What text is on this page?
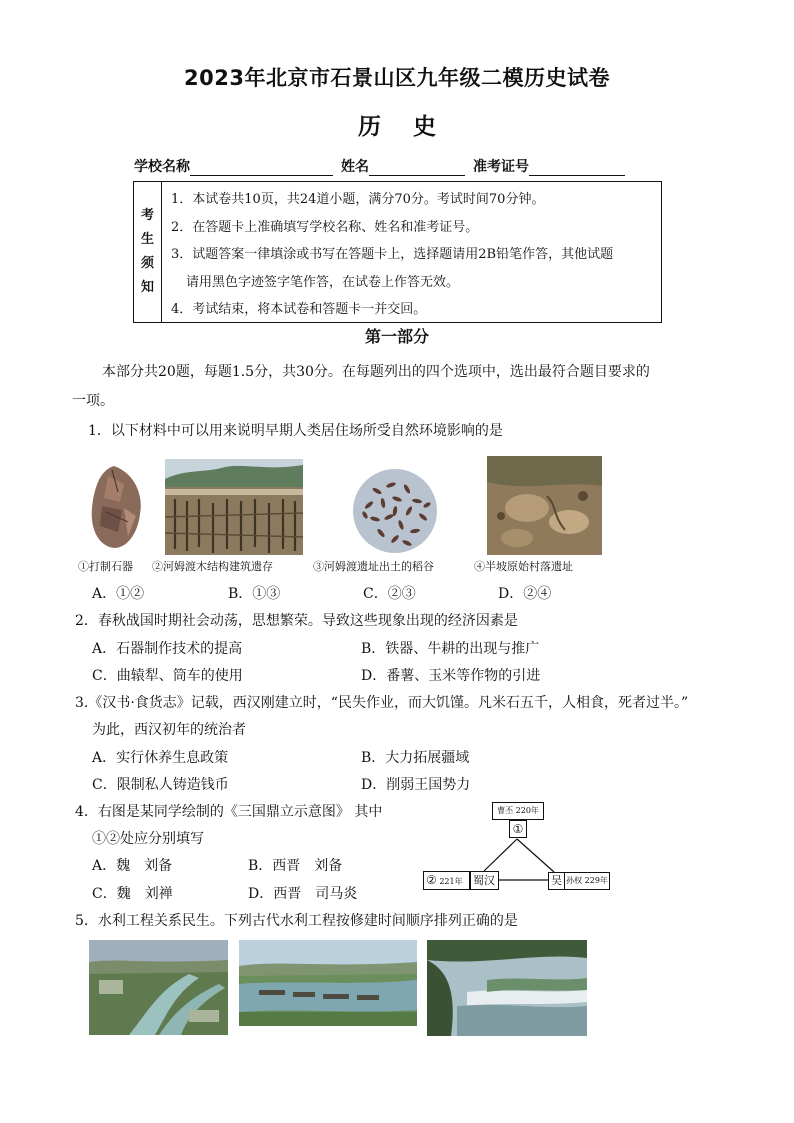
2023年北京市石景山区九年级二模历史试卷
历史
学校名称	姓名	准考证号
考
生
须
知
1．本试卷共10页，共24道小题，满分70分。考试时间70分钟。
2．在答题卡上准确填写学校名称、姓名和准考证号。
3．试题答案一律填涂或书写在答题卡上，选择题请用2B铅笔作答，其他试题
请用黑色字迹签字笔作答，在试卷上作答无效。
4．考试结束，将本试卷和答题卡一并交回。
第一部分
本部分共20题，每题1.5分，共30分。在每题列出的四个选项中，选出最符合题目要求的
一项。
1．以下材料中可以用来说明早期人类居住场所受自然环境影响的是
①打制石器 ②河姆渡木结构建筑遗存	③河姆渡遗址出土的稻谷	④半坡原始村落遗址
A．①②	B．①③	C．②③	D．②④
2．春秋战国时期社会动荡，思想繁荣。导致这些现象出现的经济因素是
A．石器制作技术的提高	B．铁器、牛耕的出现与推广
C．曲辕犁、筒车的使用	D．番薯、玉米等作物的引进
3.《汉书·食货志》记载，西汉刚建立时，“民失作业，而大饥馑。凡米石五千，人相食，死者过半。”
为此，西汉初年的统治者
A．实行休养生息政策	B．大力拓展疆域
C．限制私人铸造钱币	D．削弱王国势力
4．右图是某同学绘制的《三国鼎立示意图》 其中
①②处应分别填写
A．魏　刘备	B．西晋　刘备
C．魏　刘禅	D．西晋　司马炎
曹丕 220年
①
② 221年 蜀汉	吴 孙权 229年
5．水利工程关系民生。下列古代水利工程按修建时间顺序排列正确的是
